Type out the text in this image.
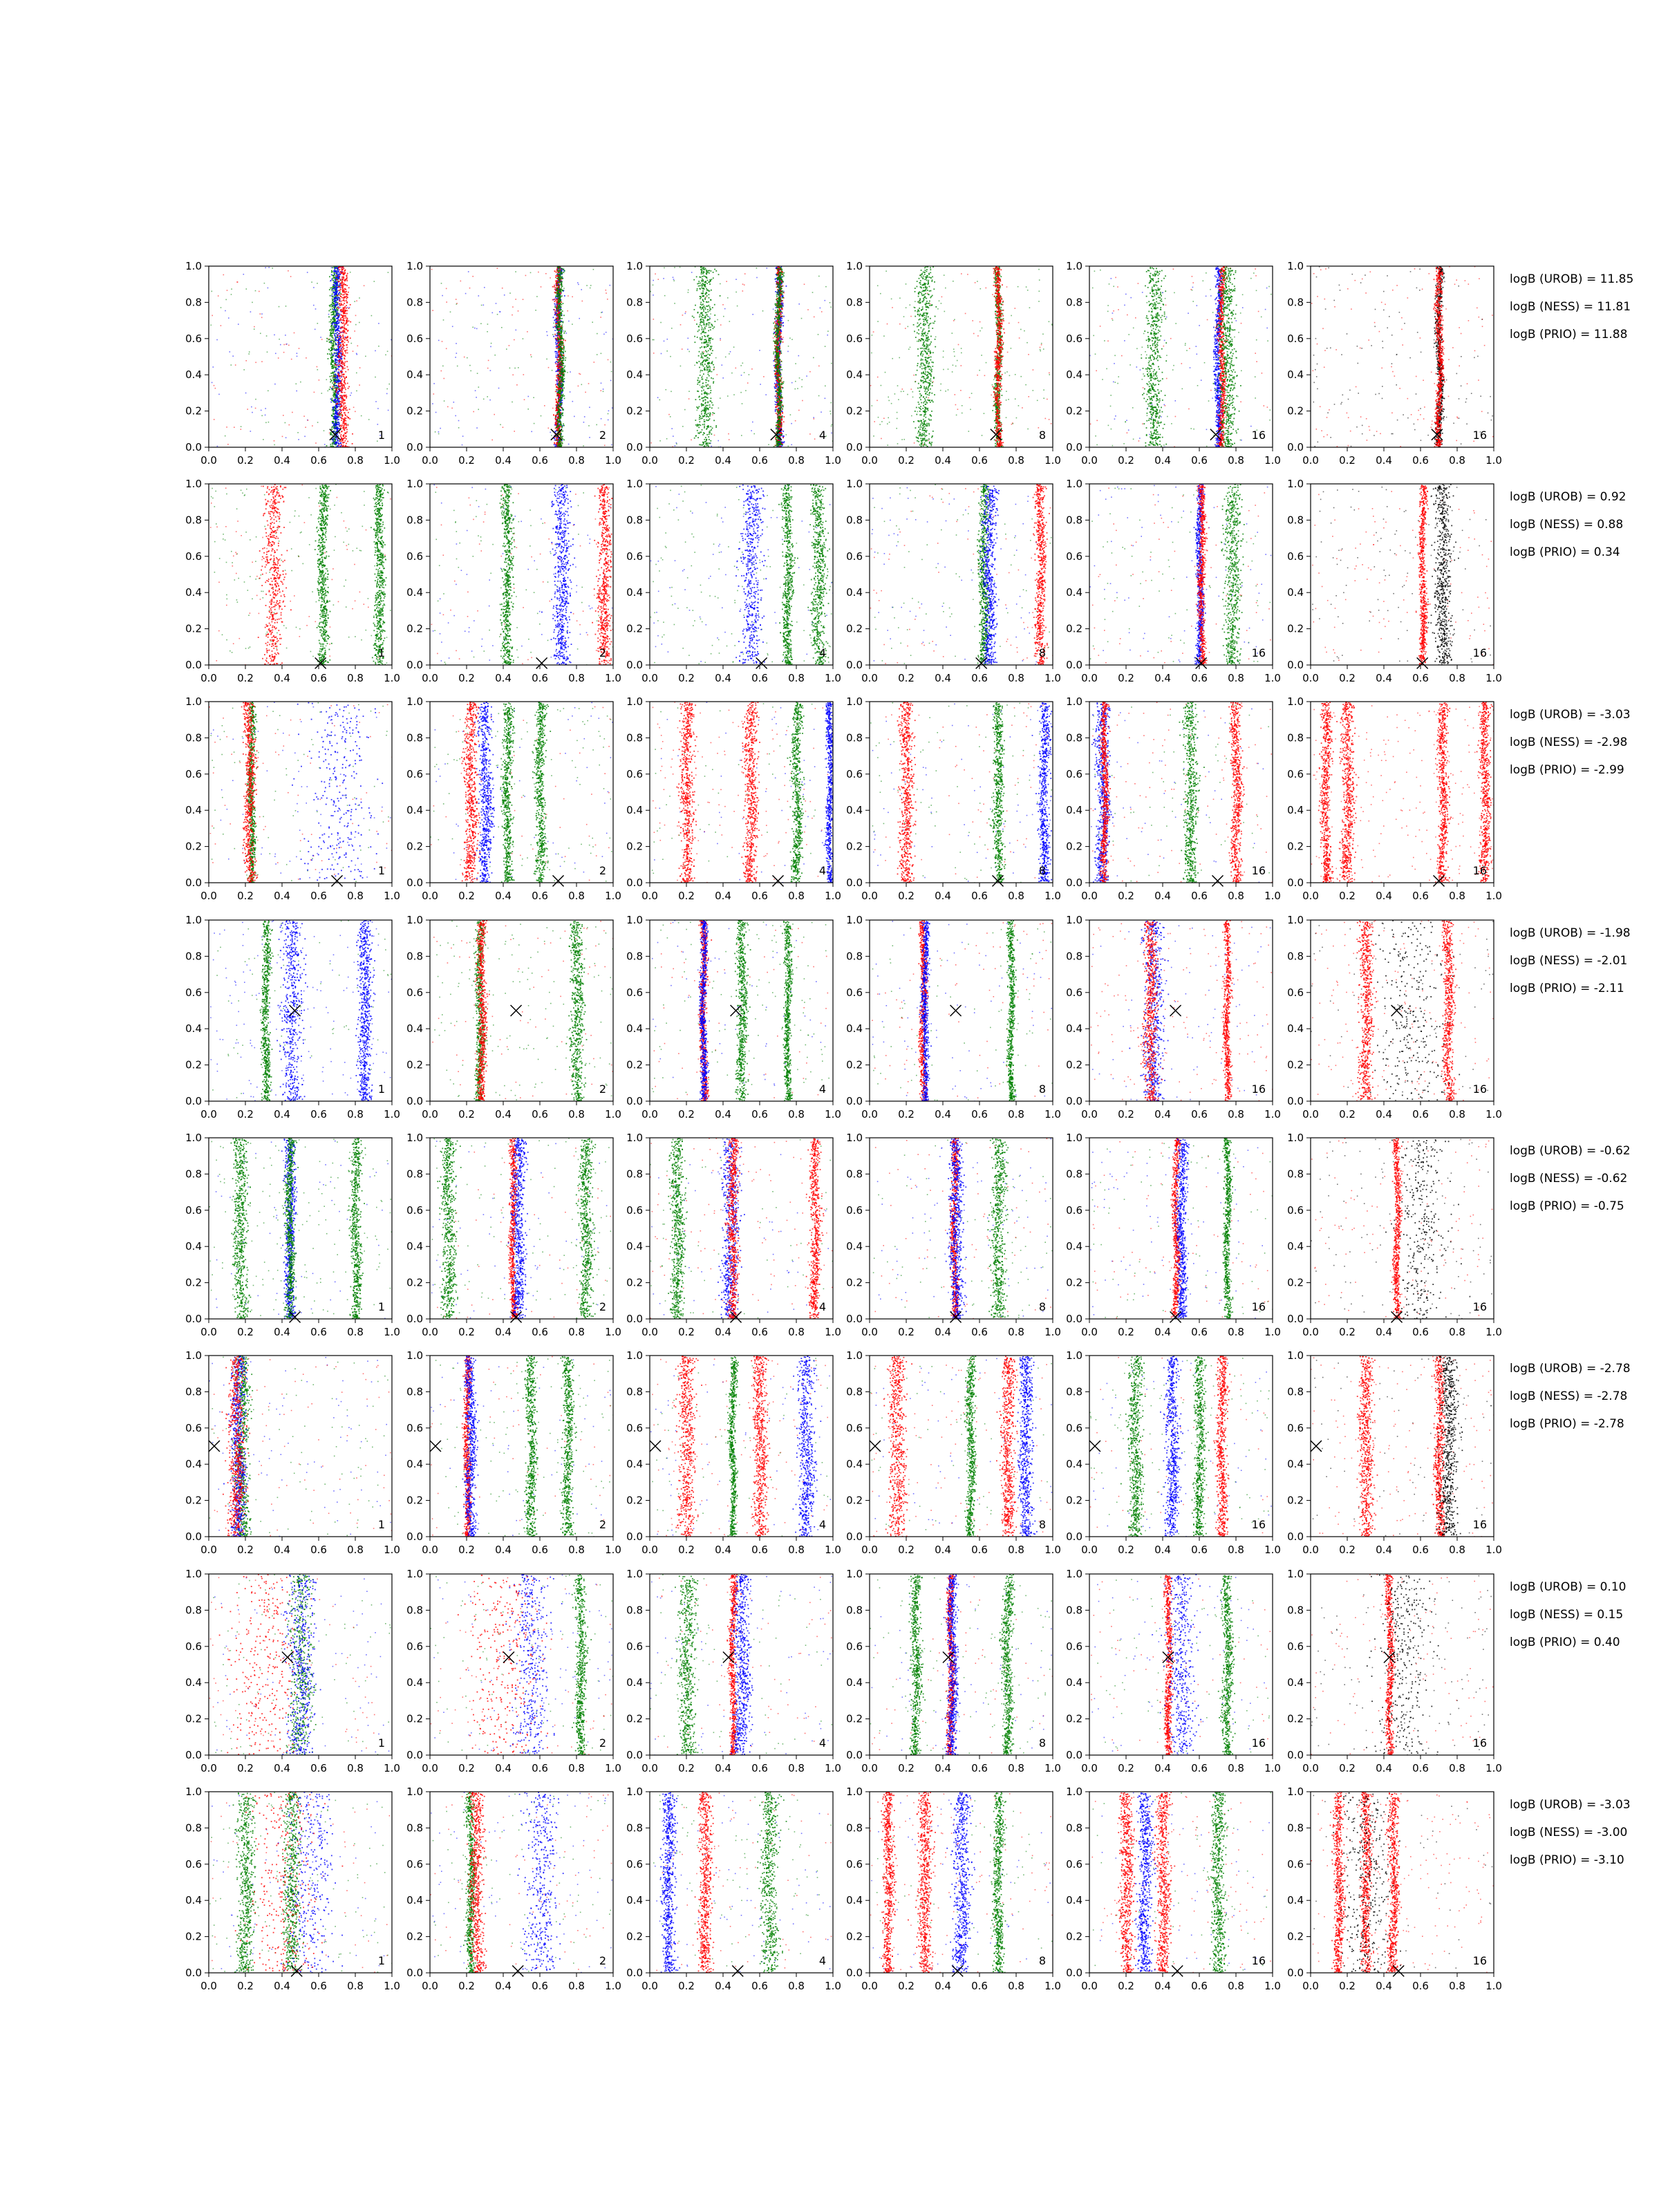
0.0
0.0
0.2
0.2
0.4
0.4
0.6
0.6
0.8
0.8
1.0
1.0
1
0.0
0.0
0.2
0.2
0.4
0.4
0.6
0.6
0.8
0.8
1.0
1.0
2
0.0
0.0
0.2
0.2
0.4
0.4
0.6
0.6
0.8
0.8
1.0
1.0
4
0.0
0.0
0.2
0.2
0.4
0.4
0.6
0.6
0.8
0.8
1.0
1.0
8
0.0
0.0
0.2
0.2
0.4
0.4
0.6
0.6
0.8
0.8
1.0
1.0
16
0.0
0.0
0.2
0.2
0.4
0.4
0.6
0.6
0.8
0.8
1.0
1.0
16
0.0
0.0
0.2
0.2
0.4
0.4
0.6
0.6
0.8
0.8
1.0
1.0
1
0.0
0.0
0.2
0.2
0.4
0.4
0.6
0.6
0.8
0.8
1.0
1.0
2
0.0
0.0
0.2
0.2
0.4
0.4
0.6
0.6
0.8
0.8
1.0
1.0
4
0.0
0.0
0.2
0.2
0.4
0.4
0.6
0.6
0.8
0.8
1.0
1.0
8
0.0
0.0
0.2
0.2
0.4
0.4
0.6
0.6
0.8
0.8
1.0
1.0
16
0.0
0.0
0.2
0.2
0.4
0.4
0.6
0.6
0.8
0.8
1.0
1.0
16
0.0
0.0
0.2
0.2
0.4
0.4
0.6
0.6
0.8
0.8
1.0
1.0
1
0.0
0.0
0.2
0.2
0.4
0.4
0.6
0.6
0.8
0.8
1.0
1.0
2
0.0
0.0
0.2
0.2
0.4
0.4
0.6
0.6
0.8
0.8
1.0
1.0
4
0.0
0.0
0.2
0.2
0.4
0.4
0.6
0.6
0.8
0.8
1.0
1.0
8
0.0
0.0
0.2
0.2
0.4
0.4
0.6
0.6
0.8
0.8
1.0
1.0
16
0.0
0.0
0.2
0.2
0.4
0.4
0.6
0.6
0.8
0.8
1.0
1.0
16
0.0
0.0
0.2
0.2
0.4
0.4
0.6
0.6
0.8
0.8
1.0
1.0
1
0.0
0.0
0.2
0.2
0.4
0.4
0.6
0.6
0.8
0.8
1.0
1.0
2
0.0
0.0
0.2
0.2
0.4
0.4
0.6
0.6
0.8
0.8
1.0
1.0
4
0.0
0.0
0.2
0.2
0.4
0.4
0.6
0.6
0.8
0.8
1.0
1.0
8
0.0
0.0
0.2
0.2
0.4
0.4
0.6
0.6
0.8
0.8
1.0
1.0
16
0.0
0.0
0.2
0.2
0.4
0.4
0.6
0.6
0.8
0.8
1.0
1.0
16
0.0
0.0
0.2
0.2
0.4
0.4
0.6
0.6
0.8
0.8
1.0
1.0
1
0.0
0.0
0.2
0.2
0.4
0.4
0.6
0.6
0.8
0.8
1.0
1.0
2
0.0
0.0
0.2
0.2
0.4
0.4
0.6
0.6
0.8
0.8
1.0
1.0
4
0.0
0.0
0.2
0.2
0.4
0.4
0.6
0.6
0.8
0.8
1.0
1.0
8
0.0
0.0
0.2
0.2
0.4
0.4
0.6
0.6
0.8
0.8
1.0
1.0
16
0.0
0.0
0.2
0.2
0.4
0.4
0.6
0.6
0.8
0.8
1.0
1.0
16
0.0
0.0
0.2
0.2
0.4
0.4
0.6
0.6
0.8
0.8
1.0
1.0
1
0.0
0.0
0.2
0.2
0.4
0.4
0.6
0.6
0.8
0.8
1.0
1.0
2
0.0
0.0
0.2
0.2
0.4
0.4
0.6
0.6
0.8
0.8
1.0
1.0
4
0.0
0.0
0.2
0.2
0.4
0.4
0.6
0.6
0.8
0.8
1.0
1.0
8
0.0
0.0
0.2
0.2
0.4
0.4
0.6
0.6
0.8
0.8
1.0
1.0
16
0.0
0.0
0.2
0.2
0.4
0.4
0.6
0.6
0.8
0.8
1.0
1.0
16
0.0
0.0
0.2
0.2
0.4
0.4
0.6
0.6
0.8
0.8
1.0
1.0
1
0.0
0.0
0.2
0.2
0.4
0.4
0.6
0.6
0.8
0.8
1.0
1.0
2
0.0
0.0
0.2
0.2
0.4
0.4
0.6
0.6
0.8
0.8
1.0
1.0
4
0.0
0.0
0.2
0.2
0.4
0.4
0.6
0.6
0.8
0.8
1.0
1.0
8
0.0
0.0
0.2
0.2
0.4
0.4
0.6
0.6
0.8
0.8
1.0
1.0
16
0.0
0.0
0.2
0.2
0.4
0.4
0.6
0.6
0.8
0.8
1.0
1.0
16
0.0
0.0
0.2
0.2
0.4
0.4
0.6
0.6
0.8
0.8
1.0
1.0
1
0.0
0.0
0.2
0.2
0.4
0.4
0.6
0.6
0.8
0.8
1.0
1.0
2
0.0
0.0
0.2
0.2
0.4
0.4
0.6
0.6
0.8
0.8
1.0
1.0
4
0.0
0.0
0.2
0.2
0.4
0.4
0.6
0.6
0.8
0.8
1.0
1.0
8
0.0
0.0
0.2
0.2
0.4
0.4
0.6
0.6
0.8
0.8
1.0
1.0
16
0.0
0.0
0.2
0.2
0.4
0.4
0.6
0.6
0.8
0.8
1.0
1.0
16
logB (UROB) = 11.85
logB (NESS) = 11.81
logB (PRIO) = 11.88
logB (UROB) = 0.92
logB (NESS) = 0.88
logB (PRIO) = 0.34
logB (UROB) = -3.03
logB (NESS) = -2.98
logB (PRIO) = -2.99
logB (UROB) = -1.98
logB (NESS) = -2.01
logB (PRIO) = -2.11
logB (UROB) = -0.62
logB (NESS) = -0.62
logB (PRIO) = -0.75
logB (UROB) = -2.78
logB (NESS) = -2.78
logB (PRIO) = -2.78
logB (UROB) = 0.10
logB (NESS) = 0.15
logB (PRIO) = 0.40
logB (UROB) = -3.03
logB (NESS) = -3.00
logB (PRIO) = -3.10
